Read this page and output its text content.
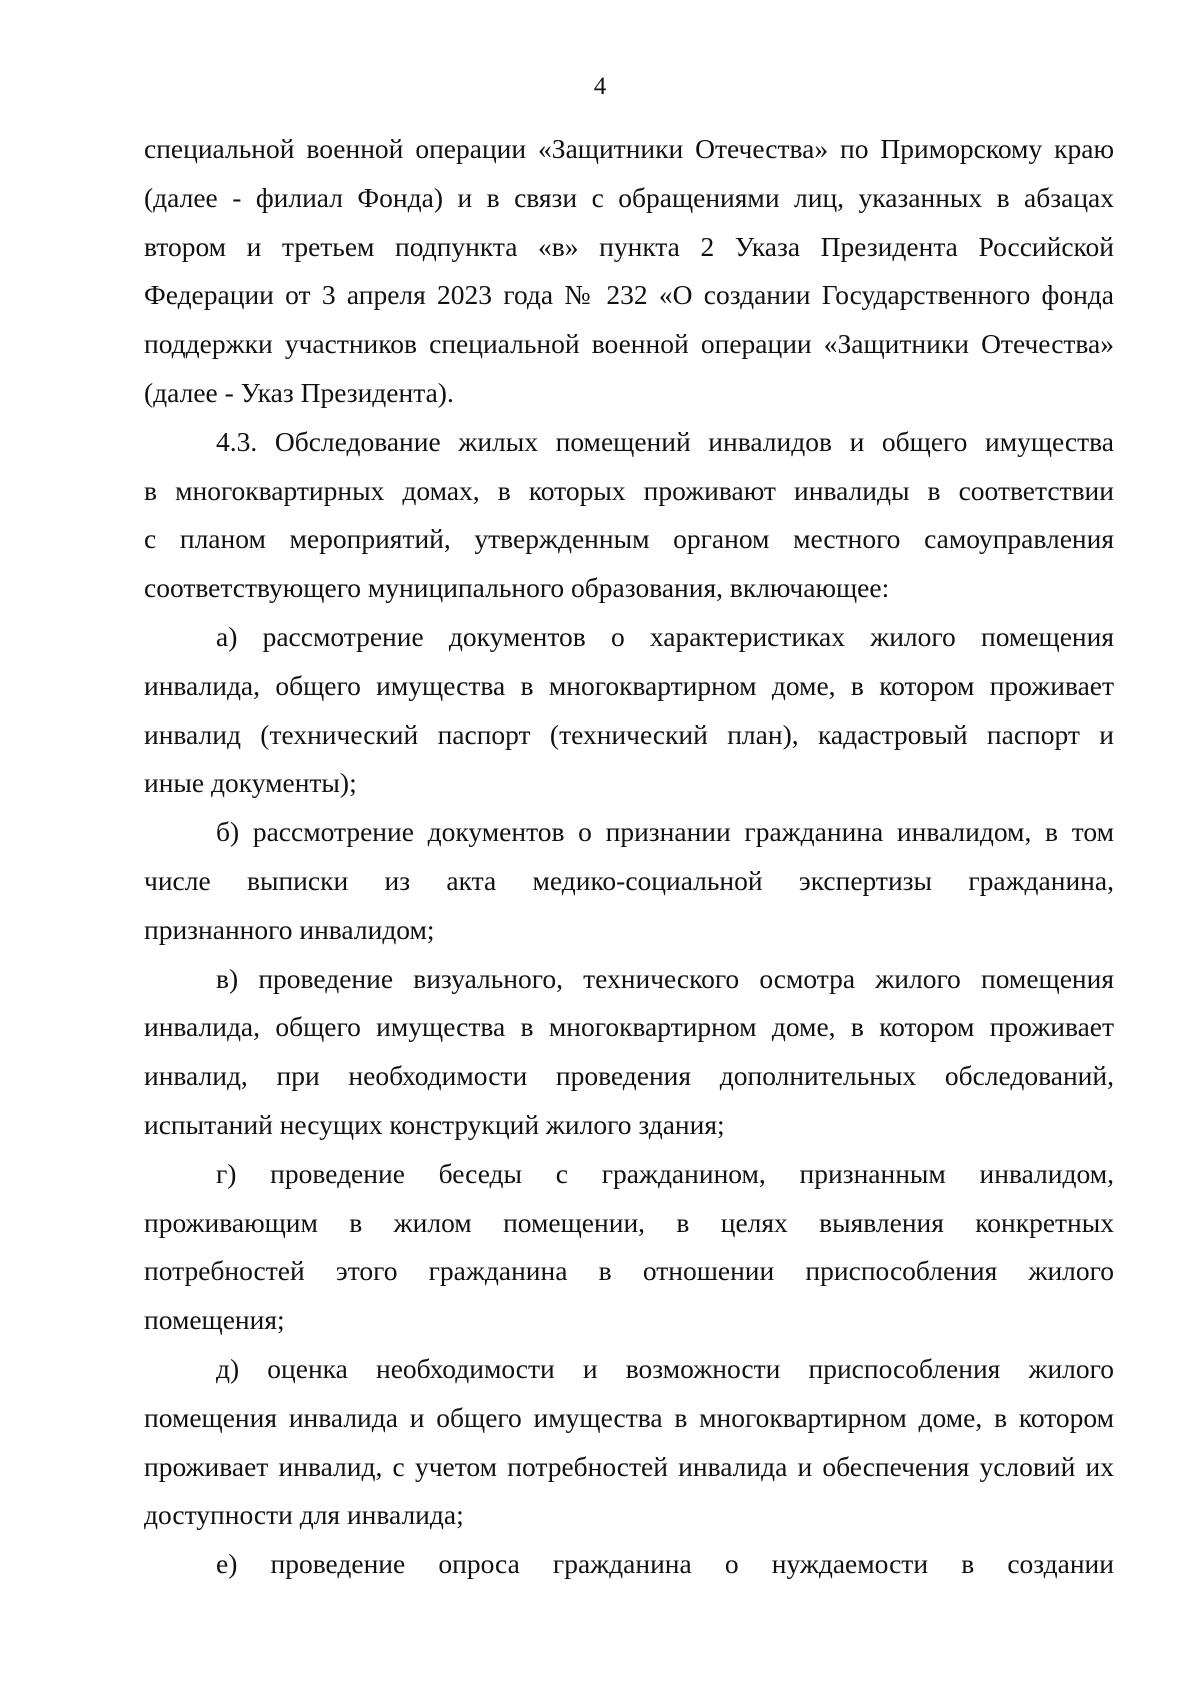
4
специальной военной операции «Защитники Отечества» по Приморскому краю
(далее - филиал Фонда) и в связи с обращениями лиц, указанных в абзацах
втором и третьем подпункта «в» пункта 2 Указа Президента Российской
Федерации от 3 апреля 2023 года № 232 «О создании Государственного фонда
поддержки участников специальной военной операции «Защитники Отечества»
(далее - Указ Президента).
4.3. Обследование жилых помещений инвалидов и общего имущества
в многоквартирных домах, в которых проживают инвалиды в соответствии
с планом мероприятий, утвержденным органом местного самоуправления
соответствующего муниципального образования, включающее:
а) рассмотрение документов о характеристиках жилого помещения
инвалида, общего имущества в многоквартирном доме, в котором проживает
инвалид (технический паспорт (технический план), кадастровый паспорт и
иные документы);
б) рассмотрение документов о признании гражданина инвалидом, в том
числе выписки из акта медико-социальной экспертизы гражданина,
признанного инвалидом;
в) проведение визуального, технического осмотра жилого помещения
инвалида, общего имущества в многоквартирном доме, в котором проживает
инвалид, при необходимости проведения дополнительных обследований,
испытаний несущих конструкций жилого здания;
г) проведение беседы с гражданином, признанным инвалидом,
проживающим в жилом помещении, в целях выявления конкретных
потребностей этого гражданина в отношении приспособления жилого
помещения;
д) оценка необходимости и возможности приспособления жилого
помещения инвалида и общего имущества в многоквартирном доме, в котором
проживает инвалид, с учетом потребностей инвалида и обеспечения условий их
доступности для инвалида;
е) проведение опроса гражданина о нуждаемости в создании
